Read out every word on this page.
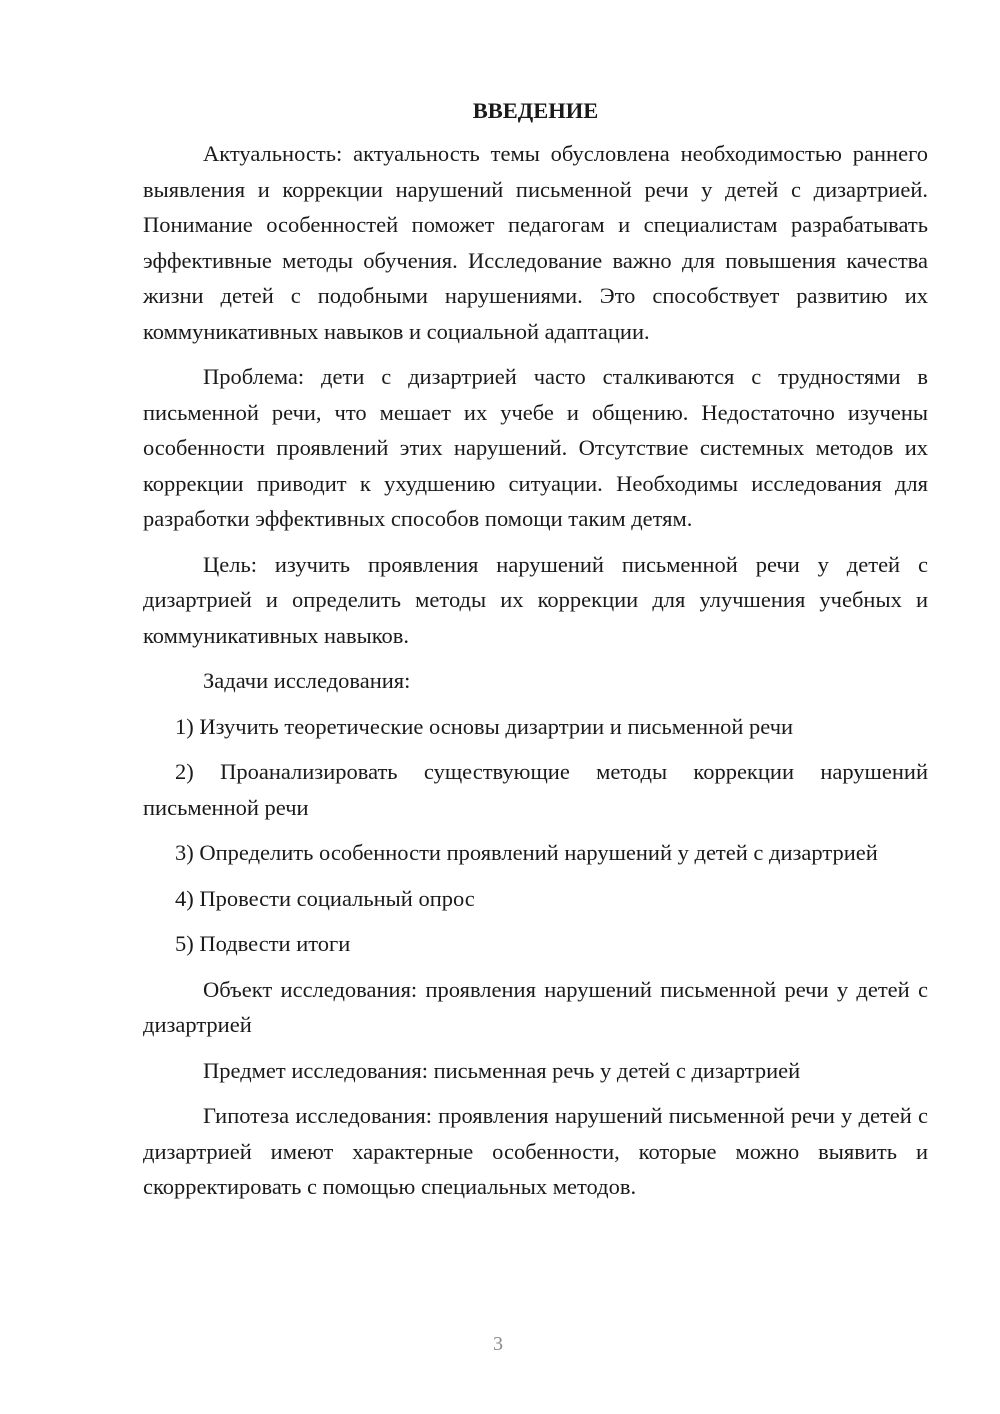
ВВЕДЕНИЕ

Актуальность: актуальность темы обусловлена необходимостью раннего выявления и коррекции нарушений письменной речи у детей с дизартрией. Понимание особенностей поможет педагогам и специалистам разрабатывать эффективные методы обучения. Исследование важно для повышения качества жизни детей с подобными нарушениями. Это способствует развитию их коммуникативных навыков и социальной адаптации.

Проблема: дети с дизартрией часто сталкиваются с трудностями в письменной речи, что мешает их учебе и общению. Недостаточно изучены особенности проявлений этих нарушений. Отсутствие системных методов их коррекции приводит к ухудшению ситуации. Необходимы исследования для разработки эффективных способов помощи таким детям.

Цель: изучить проявления нарушений письменной речи у детей с дизартрией и определить методы их коррекции для улучшения учебных и коммуникативных навыков.

Задачи исследования:

1) Изучить теоретические основы дизартрии и письменной речи

2) Проанализировать существующие методы коррекции нарушений письменной речи

3) Определить особенности проявлений нарушений у детей с дизартрией

4) Провести социальный опрос

5) Подвести итоги

Объект исследования: проявления нарушений письменной речи у детей с дизартрией

Предмет исследования: письменная речь у детей с дизартрией

Гипотеза исследования: проявления нарушений письменной речи у детей с дизартрией имеют характерные особенности, которые можно выявить и скорректировать с помощью специальных методов.

3
